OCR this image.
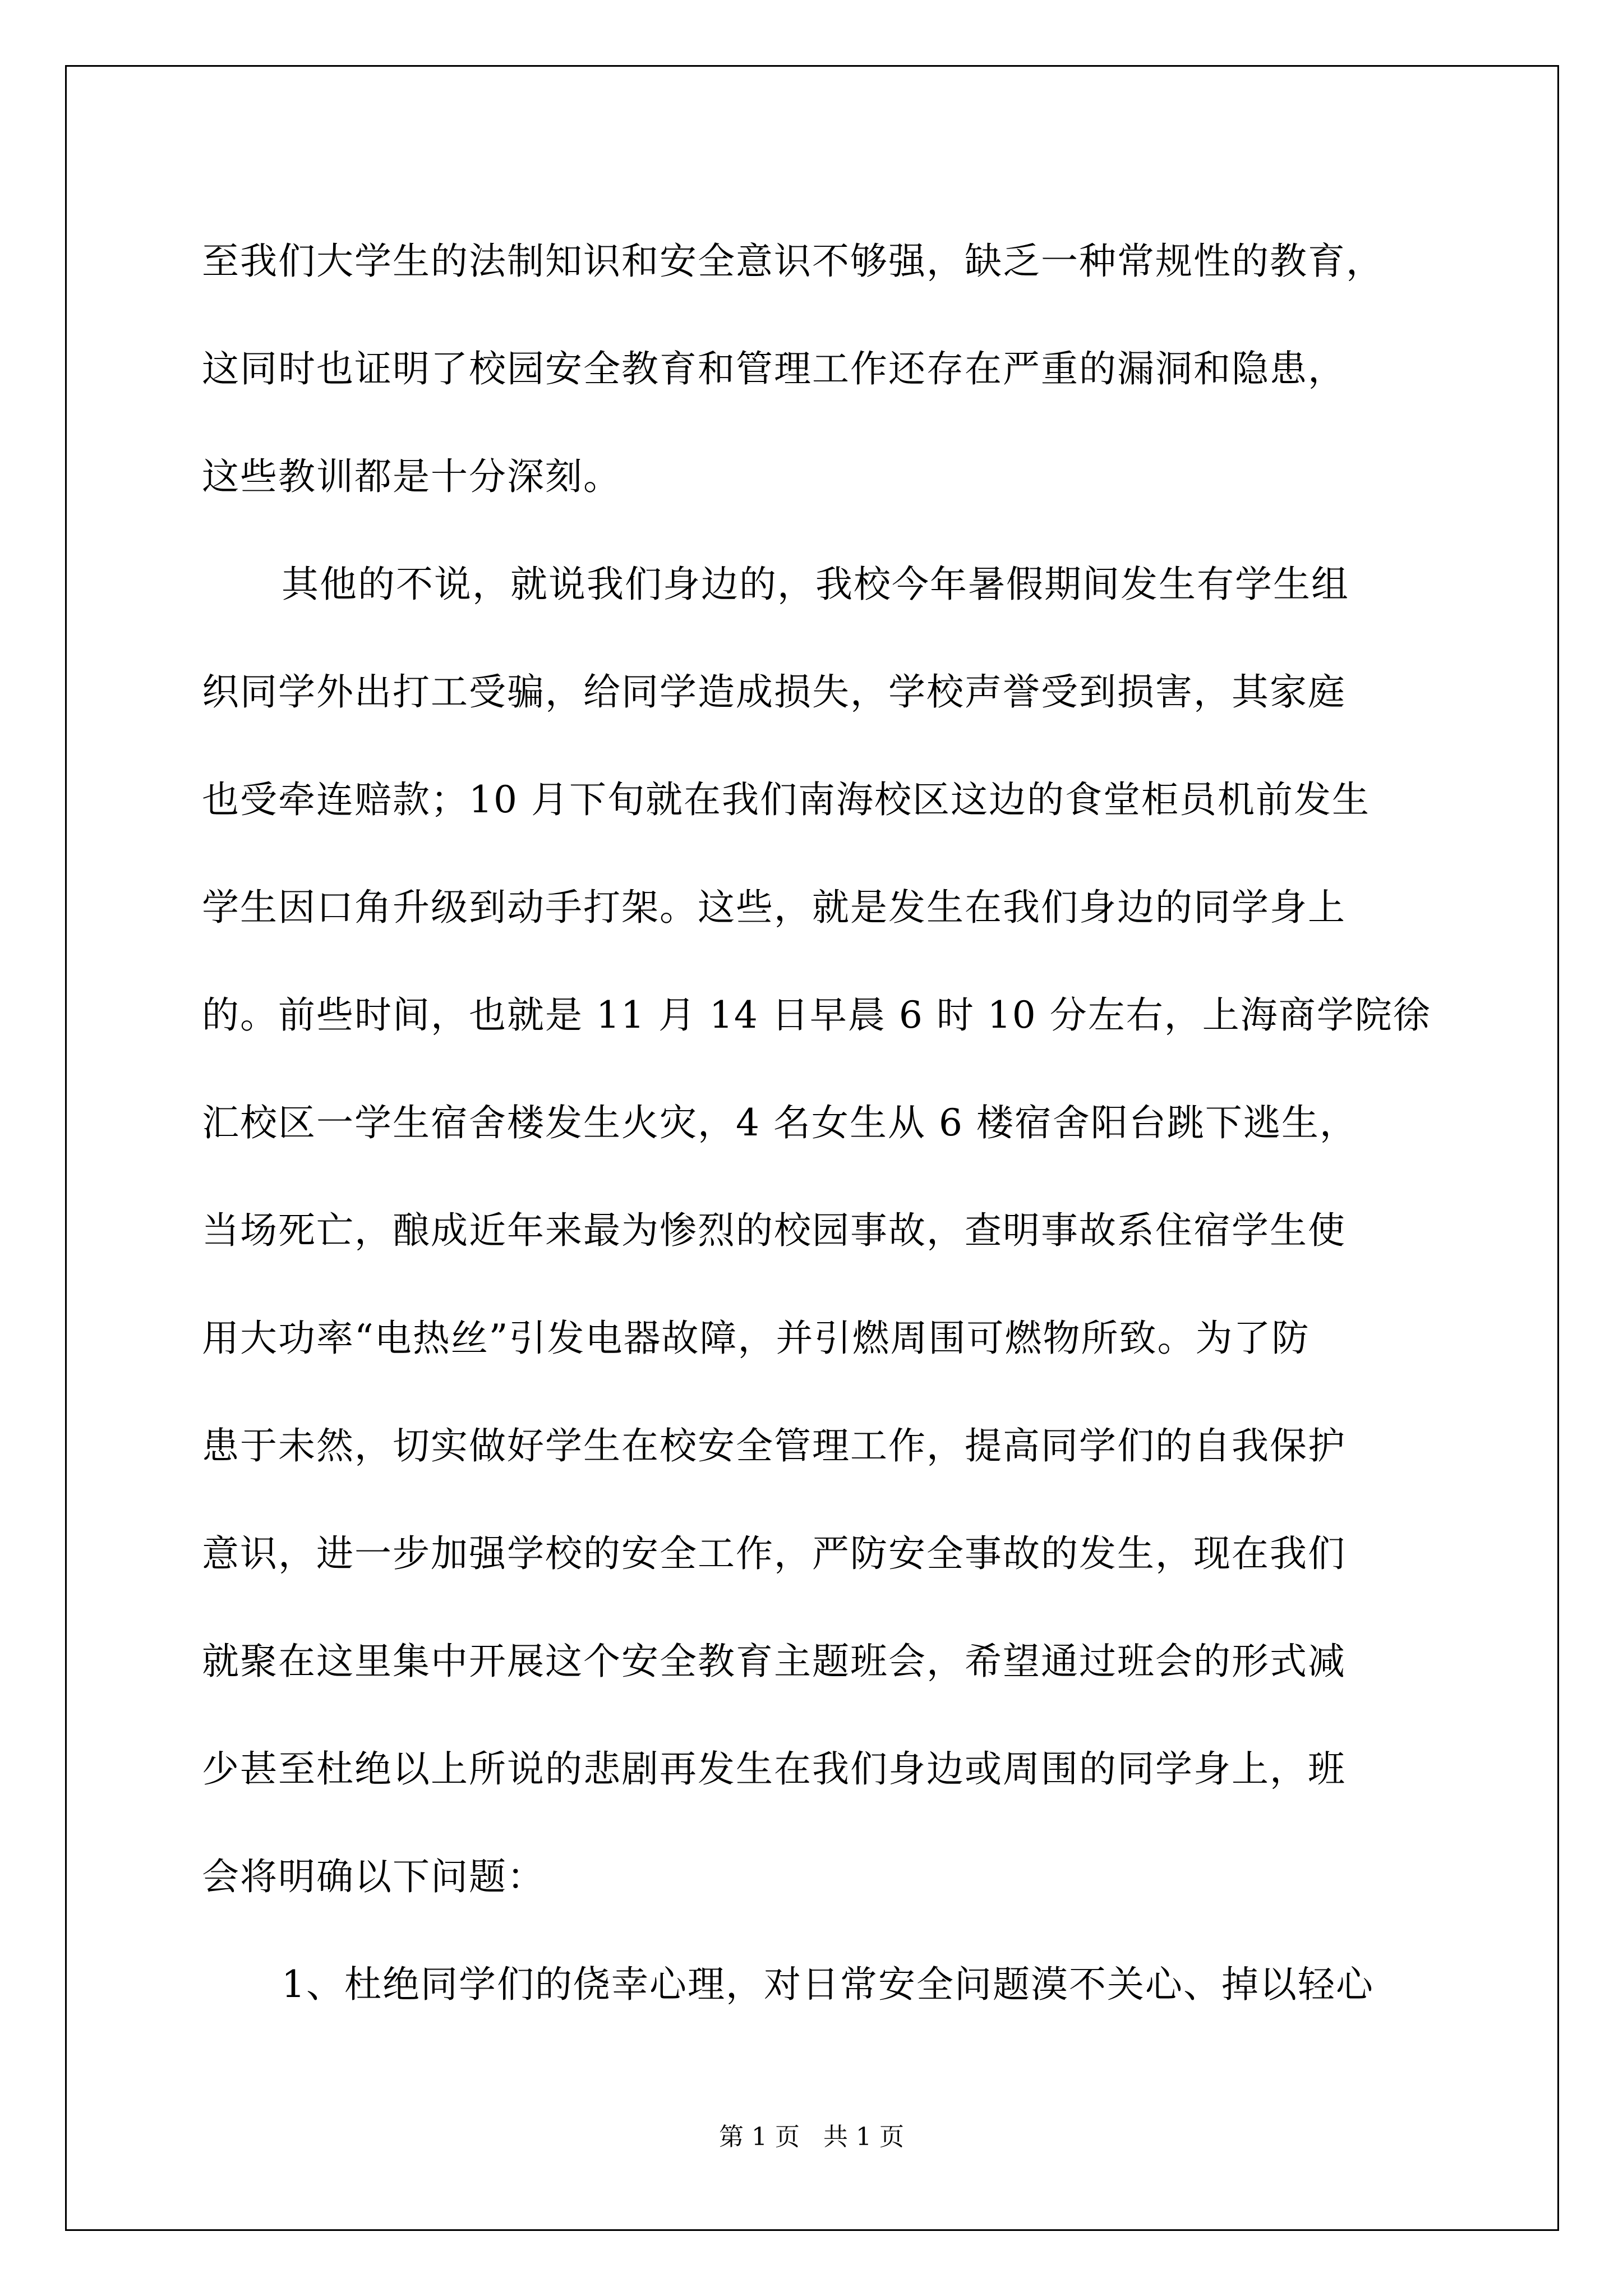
至我们大学生的法制知识和安全意识不够强，缺乏一种常规性的教育，
这同时也证明了校园安全教育和管理工作还存在严重的漏洞和隐患，
这些教训都是十分深刻。
其他的不说，就说我们身边的，我校今年暑假期间发生有学生组
织同学外出打工受骗，给同学造成损失，学校声誉受到损害，其家庭
也受牵连赔款；10 月下旬就在我们南海校区这边的食堂柜员机前发生
学生因口角升级到动手打架。这些，就是发生在我们身边的同学身上
的。前些时间，也就是 11 月 14 日早晨 6 时 10 分左右，上海商学院徐
汇校区一学生宿舍楼发生火灾，4 名女生从 6 楼宿舍阳台跳下逃生，
当场死亡，酿成近年来最为惨烈的校园事故，查明事故系住宿学生使
用大功率“电热丝”引发电器故障，并引燃周围可燃物所致。为了防
患于未然，切实做好学生在校安全管理工作，提高同学们的自我保护
意识，进一步加强学校的安全工作，严防安全事故的发生，现在我们
就聚在这里集中开展这个安全教育主题班会，希望通过班会的形式减
少甚至杜绝以上所说的悲剧再发生在我们身边或周围的同学身上，班
会将明确以下问题：
1、杜绝同学们的侥幸心理，对日常安全问题漠不关心、掉以轻心
第 1 页   共 1 页
